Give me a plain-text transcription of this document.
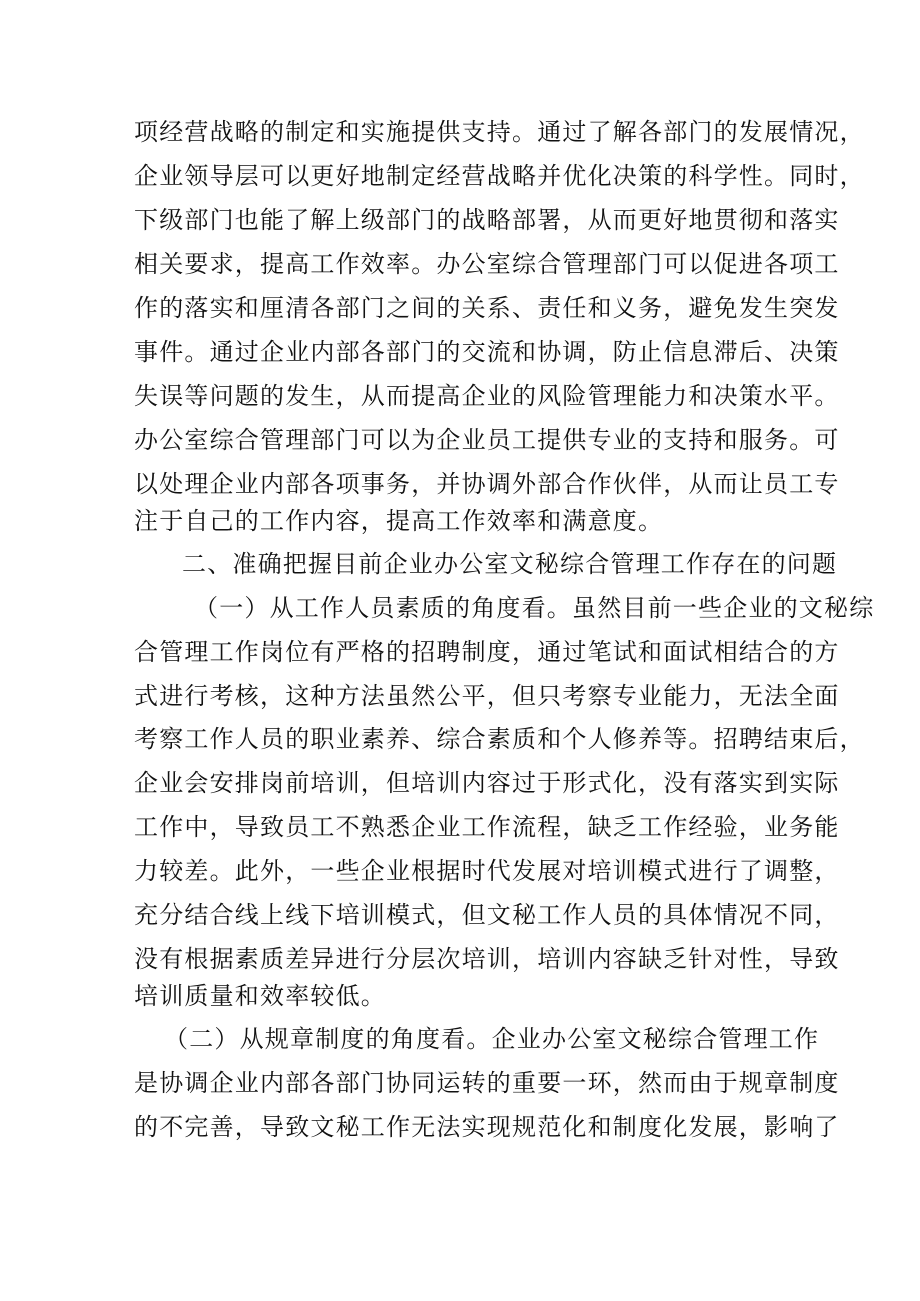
项经营战略的制定和实施提供支持。通过了解各部门的发展情况，
企业领导层可以更好地制定经营战略并优化决策的科学性。同时，
下级部门也能了解上级部门的战略部署，从而更好地贯彻和落实
相关要求，提高工作效率。办公室综合管理部门可以促进各项工
作的落实和厘清各部门之间的关系、责任和义务，避免发生突发
事件。通过企业内部各部门的交流和协调，防止信息滞后、决策
失误等问题的发生，从而提高企业的风险管理能力和决策水平。
办公室综合管理部门可以为企业员工提供专业的支持和服务。可
以处理企业内部各项事务，并协调外部合作伙伴，从而让员工专
注于自己的工作内容，提高工作效率和满意度。
二、准确把握目前企业办公室文秘综合管理工作存在的问题
（一）从工作人员素质的角度看。虽然目前一些企业的文秘综
合管理工作岗位有严格的招聘制度，通过笔试和面试相结合的方
式进行考核，这种方法虽然公平，但只考察专业能力，无法全面
考察工作人员的职业素养、综合素质和个人修养等。招聘结束后，
企业会安排岗前培训，但培训内容过于形式化，没有落实到实际
工作中，导致员工不熟悉企业工作流程，缺乏工作经验，业务能
力较差。此外，一些企业根据时代发展对培训模式进行了调整，
充分结合线上线下培训模式，但文秘工作人员的具体情况不同，
没有根据素质差异进行分层次培训，培训内容缺乏针对性，导致
培训质量和效率较低。
（二）从规章制度的角度看。企业办公室文秘综合管理工作
是协调企业内部各部门协同运转的重要一环，然而由于规章制度
的不完善，导致文秘工作无法实现规范化和制度化发展，影响了
